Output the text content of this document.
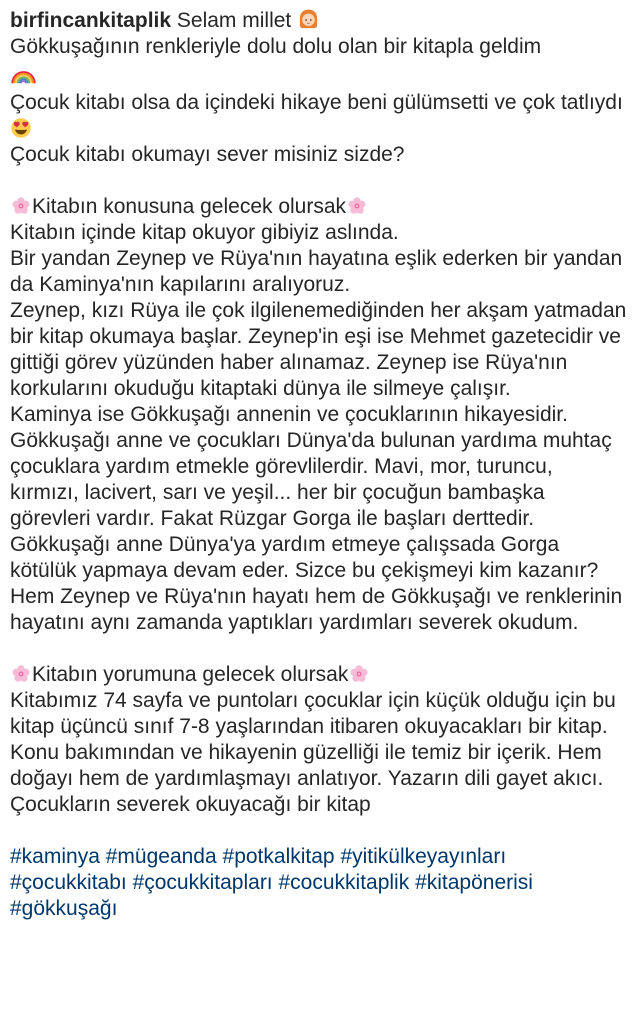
birfincankitaplik Selam millet

Gökkuşağının renkleriyle dolu dolu olan bir kitapla geldim

Çocuk kitabı olsa da içindeki hikaye beni gülümsetti ve çok tatlıydı

Çocuk kitabı okumayı sever misiniz sizde?

Kitabın konusuna gelecek olursak

Kitabın içinde kitap okuyor gibiyiz aslında.

Bir yandan Zeynep ve Rüya'nın hayatına eşlik ederken bir yandan da Kaminya'nın kapılarını aralıyoruz.

Zeynep, kızı Rüya ile çok ilgilenemediğinden her akşam yatmadan bir kitap okumaya başlar. Zeynep'in eşi ise Mehmet gazetecidir ve gittiği görev yüzünden haber alınamaz. Zeynep ise Rüya'nın korkularını okuduğu kitaptaki dünya ile silmeye çalışır.

Kaminya ise Gökkuşağı annenin ve çocuklarının hikayesidir.

Gökkuşağı anne ve çocukları Dünya'da bulunan yardıma muhtaç çocuklara yardım etmekle görevlilerdir. Mavi, mor, turuncu, kırmızı, lacivert, sarı ve yeşil... her bir çocuğun bambaşka görevleri vardır. Fakat Rüzgar Gorga ile başları derttedir.

Gökkuşağı anne Dünya'ya yardım etmeye çalışsada Gorga kötülük yapmaya devam eder. Sizce bu çekişmeyi kim kazanır? Hem Zeynep ve Rüya'nın hayatı hem de Gökkuşağı ve renklerinin hayatını aynı zamanda yaptıkları yardımları severek okudum.

Kitabın yorumuna gelecek olursak

Kitabımız 74 sayfa ve puntoları çocuklar için küçük olduğu için bu kitap üçüncü sınıf 7-8 yaşlarından itibaren okuyacakları bir kitap. Konu bakımından ve hikayenin güzelliği ile temiz bir içerik. Hem doğayı hem de yardımlaşmayı anlatıyor. Yazarın dili gayet akıcı. Çocukların severek okuyacağı bir kitap

#kaminya #mügeanda #potkalkitap #yitikülkeyayınları #çocukkitabı #çocukkitapları #cocukkitaplik #kitapönerisi #gökkuşağı
